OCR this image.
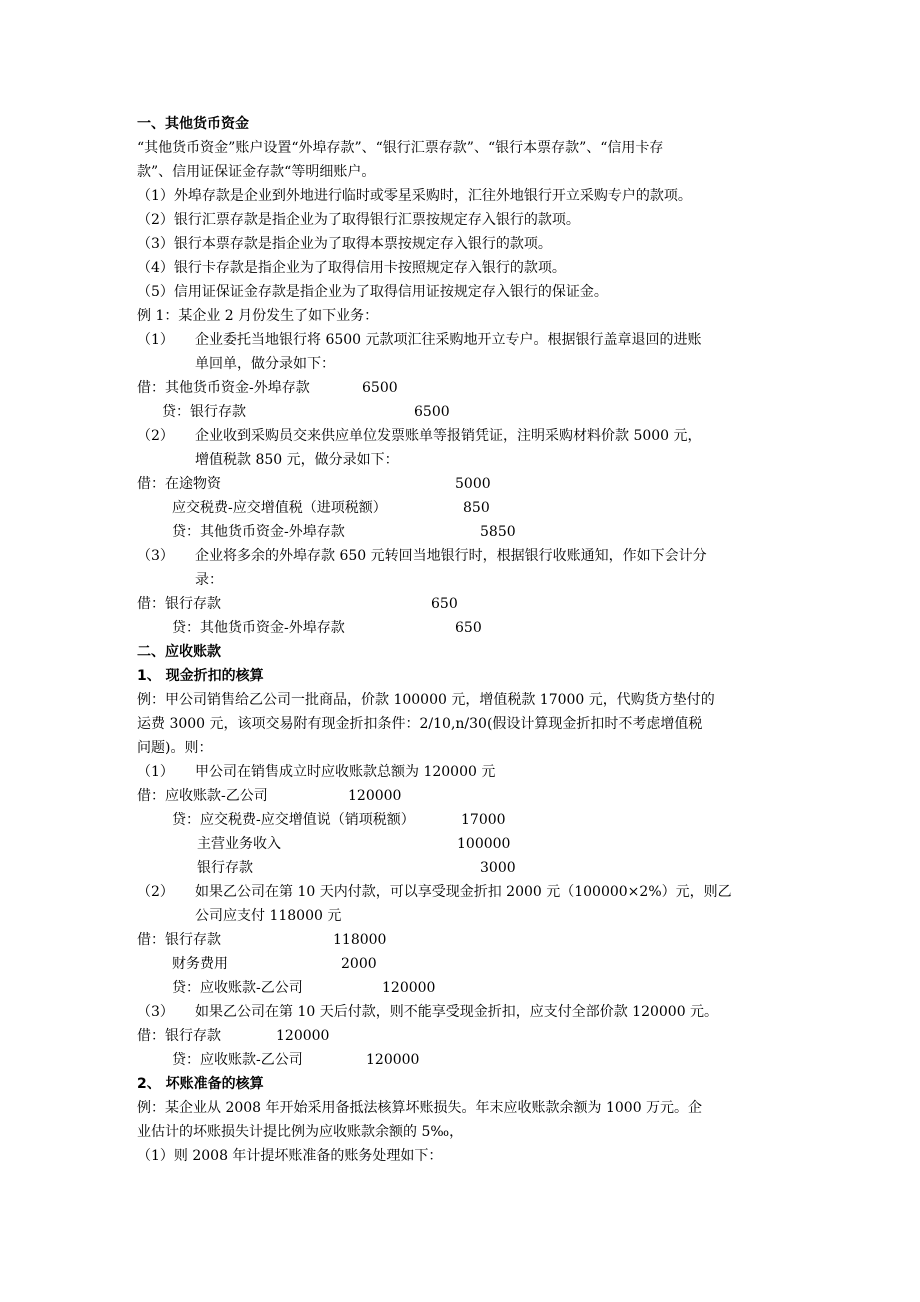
一、其他货币资金
“其他货币资金”账户设置“外埠存款”、“银行汇票存款”、“银行本票存款”、“信用卡存
款”、信用证保证金存款“等明细账户。
（1）外埠存款是企业到外地进行临时或零星采购时，汇往外地银行开立采购专户的款项。
（2）银行汇票存款是指企业为了取得银行汇票按规定存入银行的款项。
（3）银行本票存款是指企业为了取得本票按规定存入银行的款项。
（4）银行卡存款是指企业为了取得信用卡按照规定存入银行的款项。
（5）信用证保证金存款是指企业为了取得信用证按规定存入银行的保证金。
例 1：某企业 2 月份发生了如下业务：
（1） 企业委托当地银行将 6500 元款项汇往采购地开立专户。根据银行盖章退回的进账
单回单，做分录如下：
借：其他货币资金-外埠存款	6500
贷：银行存款	6500
（2） 企业收到采购员交来供应单位发票账单等报销凭证，注明采购材料价款 5000 元，
增值税款 850 元，做分录如下：
借：在途物资	5000
应交税费-应交增值税（进项税额）	850
贷：其他货币资金-外埠存款	5850
（3） 企业将多余的外埠存款 650 元转回当地银行时，根据银行收账通知，作如下会计分
录：
借：银行存款	650
贷：其他货币资金-外埠存款	650
二、应收账款
1、 现金折扣的核算
例：甲公司销售给乙公司一批商品，价款 100000 元，增值税款 17000 元，代购货方垫付的
运费 3000 元，该项交易附有现金折扣条件：2/10,n/30(假设计算现金折扣时不考虑增值税
问题)。则：
（1） 甲公司在销售成立时应收账款总额为 120000 元
借：应收账款-乙公司	120000
贷：应交税费-应交增值说（销项税额）	17000
主营业务收入	100000
银行存款	3000
（2） 如果乙公司在第 10 天内付款，可以享受现金折扣 2000 元（100000×2%）元，则乙
公司应支付 118000 元
借：银行存款	118000
财务费用	2000
贷：应收账款-乙公司	120000
（3） 如果乙公司在第 10 天后付款，则不能享受现金折扣，应支付全部价款 120000 元。
借：银行存款	120000
贷：应收账款-乙公司	120000
2、 坏账准备的核算
例：某企业从 2008 年开始采用备抵法核算坏账损失。年末应收账款余额为 1000 万元。企
业估计的坏账损失计提比例为应收账款余额的 5‰，
（1）则 2008 年计提坏账准备的账务处理如下：
